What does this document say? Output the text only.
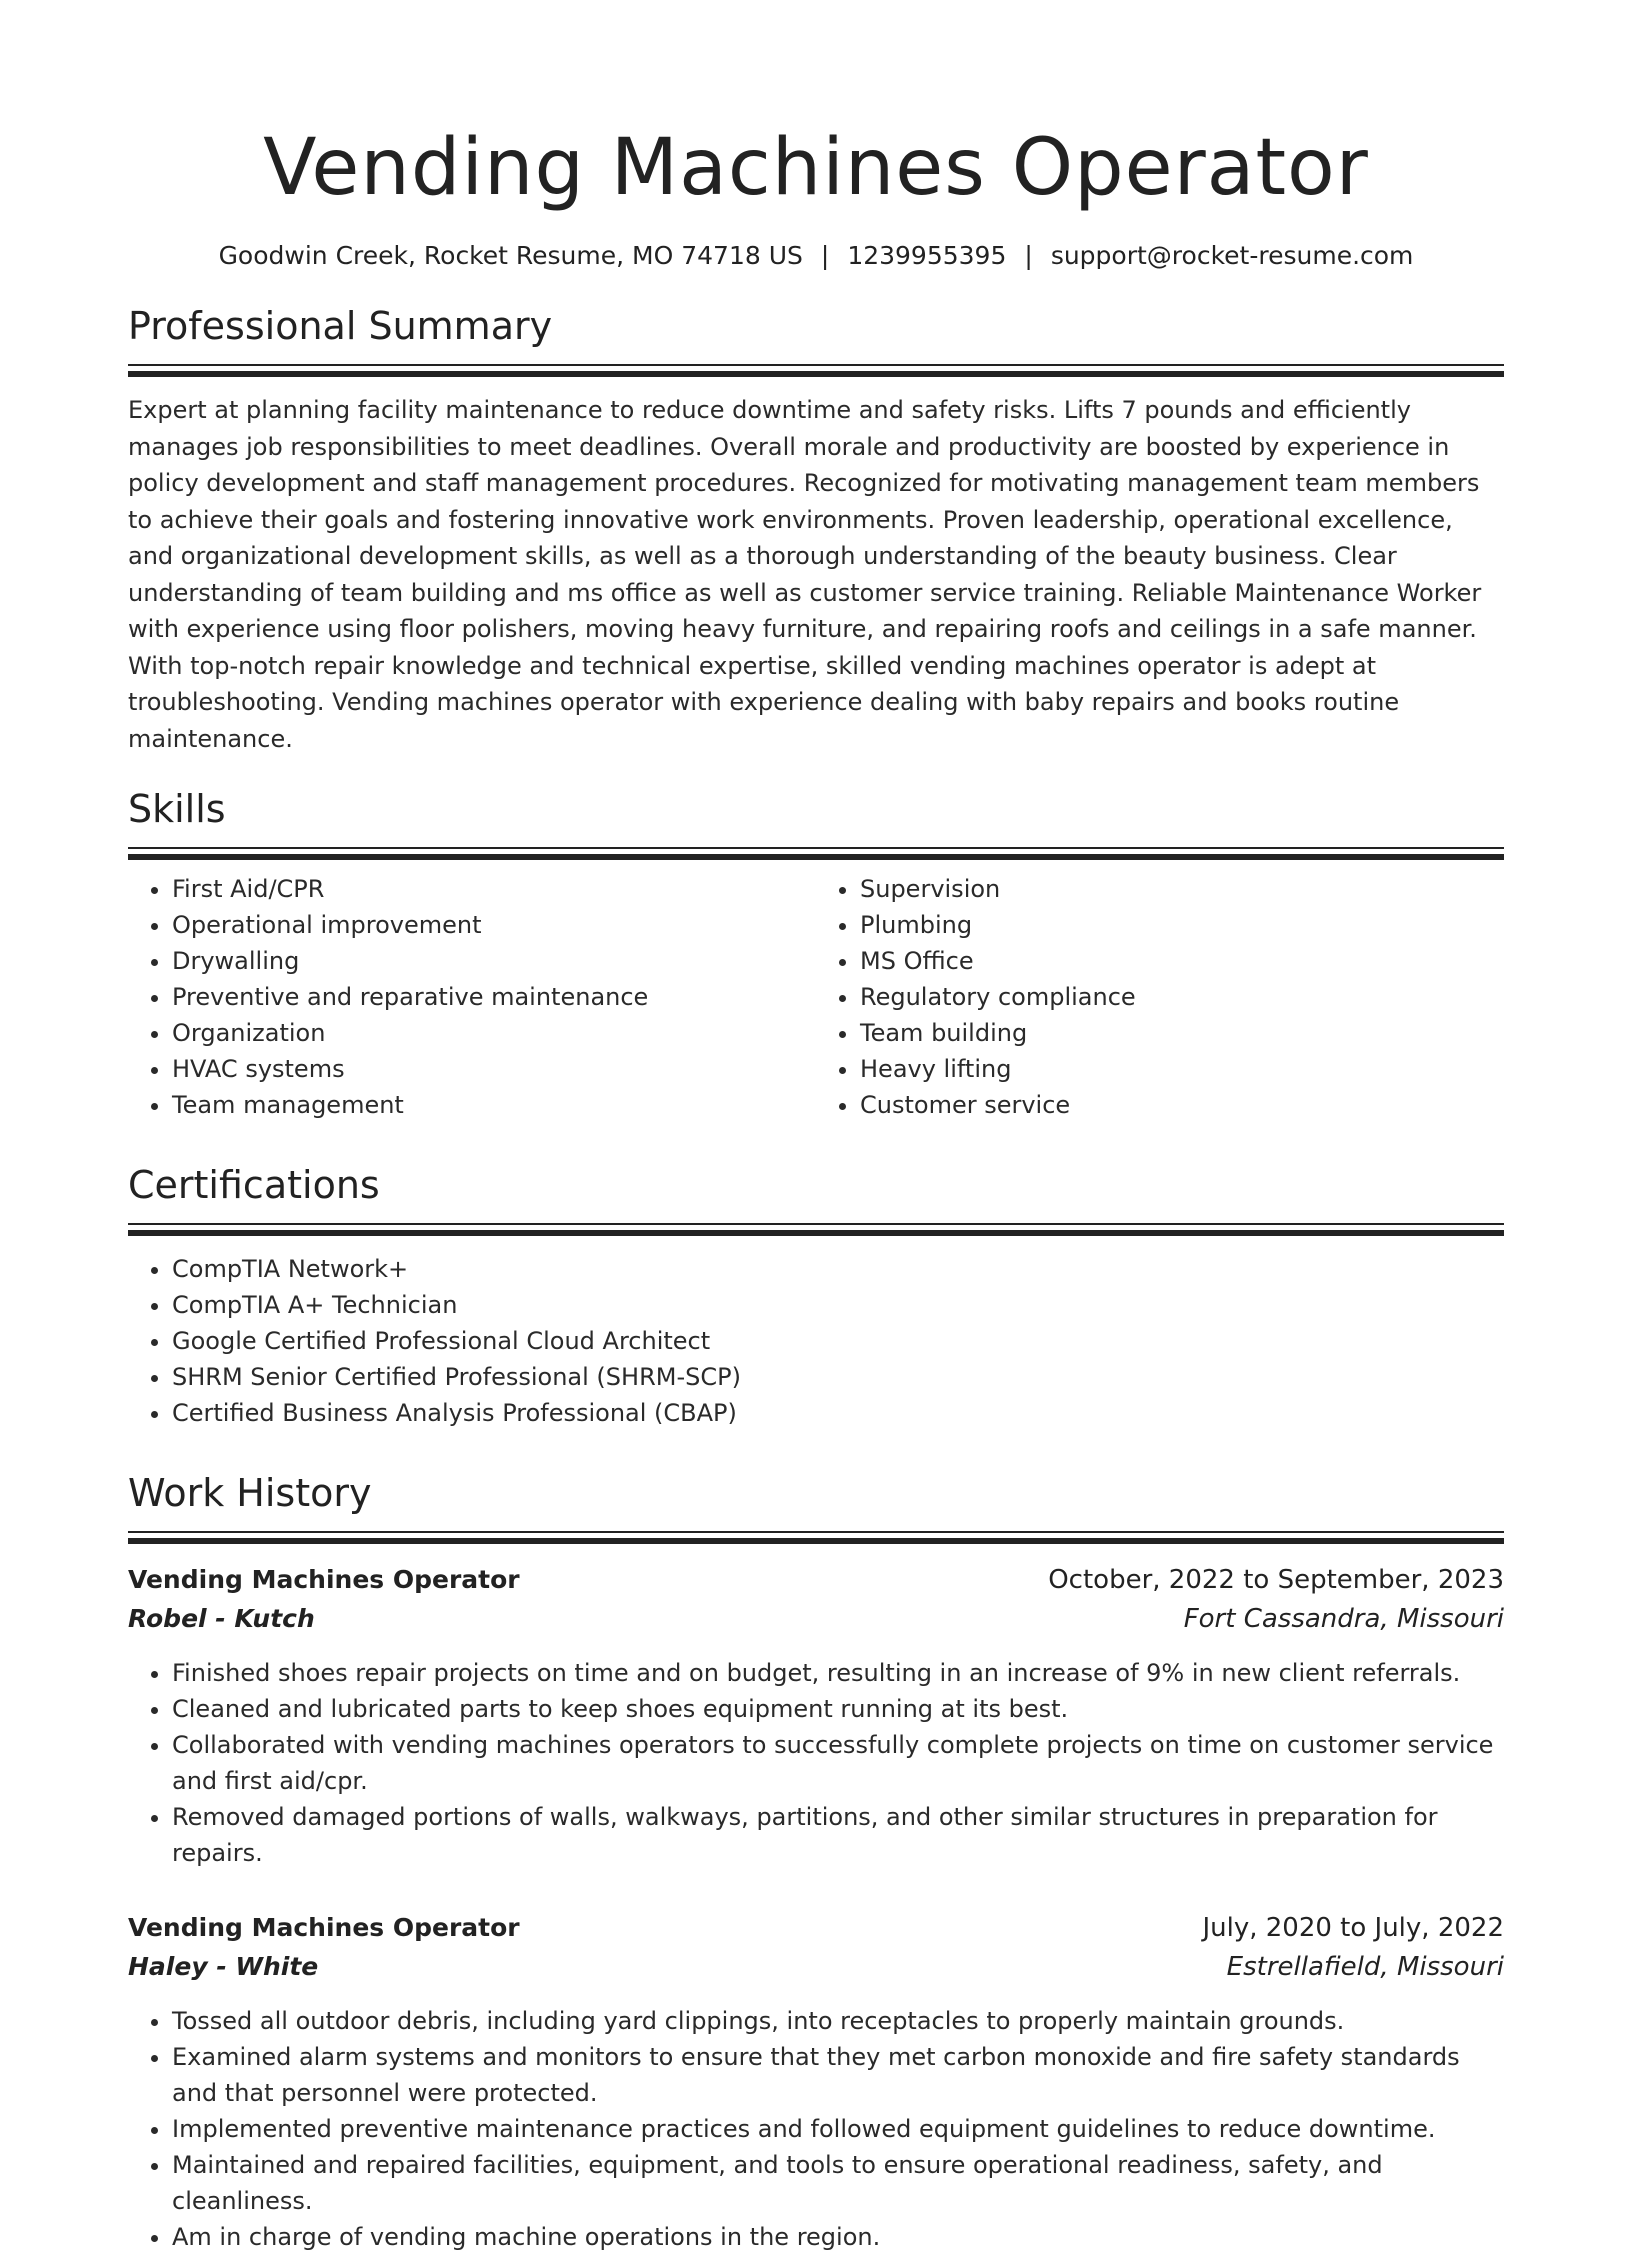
Vending Machines Operator
Goodwin Creek, Rocket Resume, MO 74718 US | 1239955395 | support@rocket-resume.com
Professional Summary

Expert at planning facility maintenance to reduce downtime and safety risks. Lifts 7 pounds and efficiently manages job responsibilities to meet deadlines. Overall morale and productivity are boosted by experience in policy development and staff management procedures. Recognized for motivating management team members to achieve their goals and fostering innovative work environments. Proven leadership, operational excellence, and organizational development skills, as well as a thorough understanding of the beauty business. Clear understanding of team building and ms office as well as customer service training. Reliable Maintenance Worker with experience using floor polishers, moving heavy furniture, and repairing roofs and ceilings in a safe manner. With top-notch repair knowledge and technical expertise, skilled vending machines operator is adept at troubleshooting. Vending machines operator with experience dealing with baby repairs and books routine maintenance.

Skills
• First Aid/CPR
• Operational improvement
• Drywalling
• Preventive and reparative maintenance
• Organization
• HVAC systems
• Team management
• Supervision
• Plumbing
• MS Office
• Regulatory compliance
• Team building
• Heavy lifting
• Customer service
Certifications
• CompTIA Network+
• CompTIA A+ Technician
• Google Certified Professional Cloud Architect
• SHRM Senior Certified Professional (SHRM-SCP)
• Certified Business Analysis Professional (CBAP)
Work History
Vending Machines Operator	October, 2022 to September, 2023
Robel - Kutch	Fort Cassandra, Missouri
• Finished shoes repair projects on time and on budget, resulting in an increase of 9% in new client referrals.
• Cleaned and lubricated parts to keep shoes equipment running at its best.
• Collaborated with vending machines operators to successfully complete projects on time on customer service and first aid/cpr.
• Removed damaged portions of walls, walkways, partitions, and other similar structures in preparation for repairs.
Vending Machines Operator	July, 2020 to July, 2022
Haley - White	Estrellafield, Missouri
• Tossed all outdoor debris, including yard clippings, into receptacles to properly maintain grounds.
• Examined alarm systems and monitors to ensure that they met carbon monoxide and fire safety standards and that personnel were protected.
• Implemented preventive maintenance practices and followed equipment guidelines to reduce downtime.
• Maintained and repaired facilities, equipment, and tools to ensure operational readiness, safety, and cleanliness.
• Am in charge of vending machine operations in the region.
